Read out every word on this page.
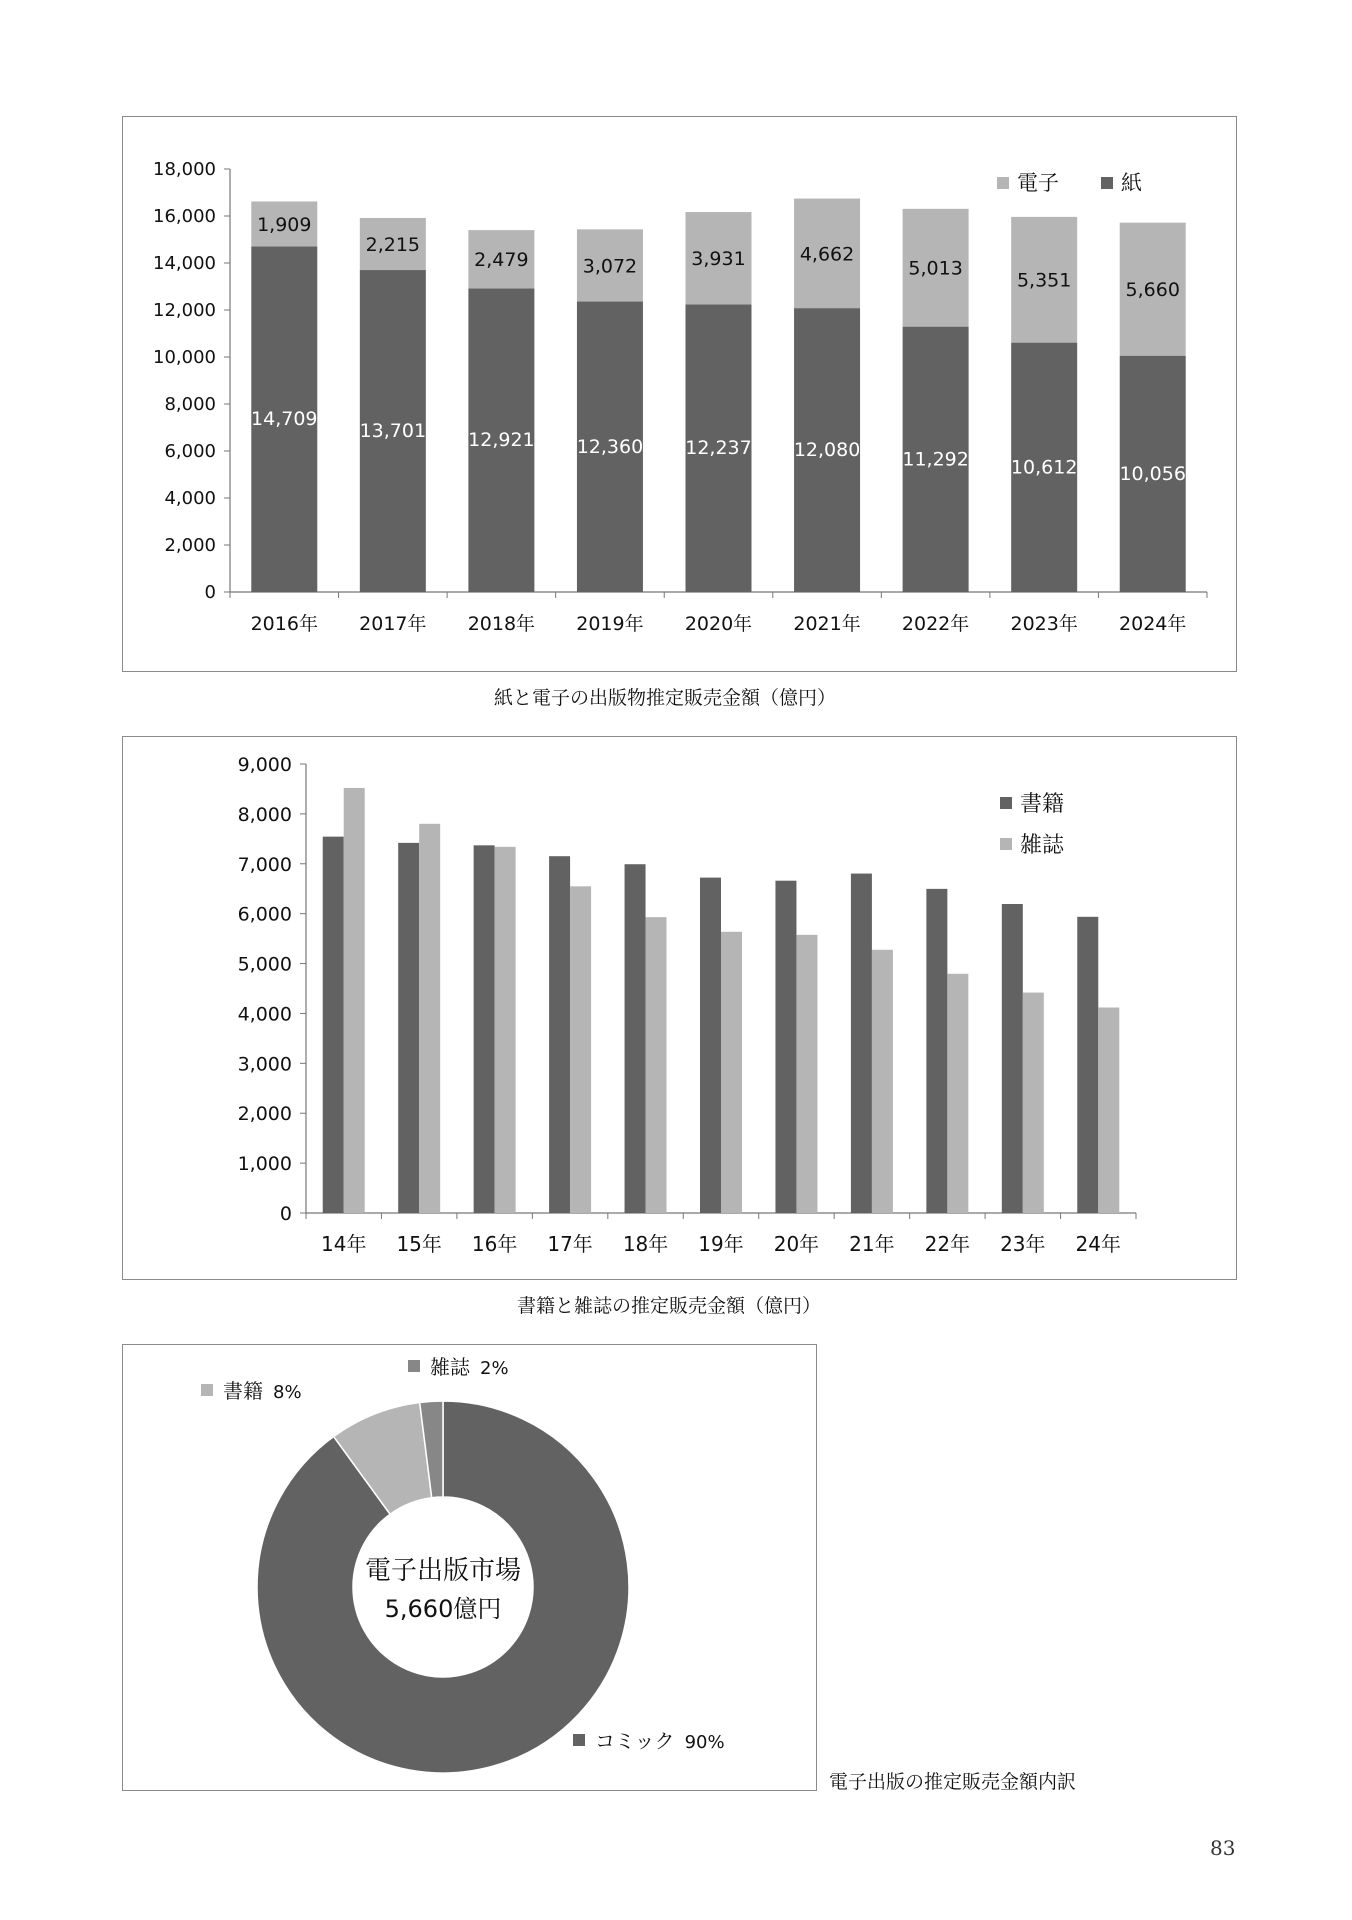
0
2,000
4,000
6,000
8,000
10,000
12,000
14,000
16,000
18,000
14,709
1,909
2016年
13,701
2,215
2017年
12,921
2,479
2018年
12,360
3,072
2019年
12,237
3,931
2020年
12,080
4,662
2021年
11,292
5,013
2022年
10,612
5,351
2023年
10,056
5,660
2024年
電子	紙
紙と電子の出版物推定販売金額（億円）
0
1,000
2,000
3,000
4,000
5,000
6,000
7,000
8,000
9,000
14年 15年 16年 17年 18年 19年 20年 21年 22年 23年 24年
書籍
雑誌
書籍と雑誌の推定販売金額（億円）
電子出版市場
5,660億円
コミック 90%
書籍 8%
雑誌 2%
電子出版の推定販売金額内訳
83
